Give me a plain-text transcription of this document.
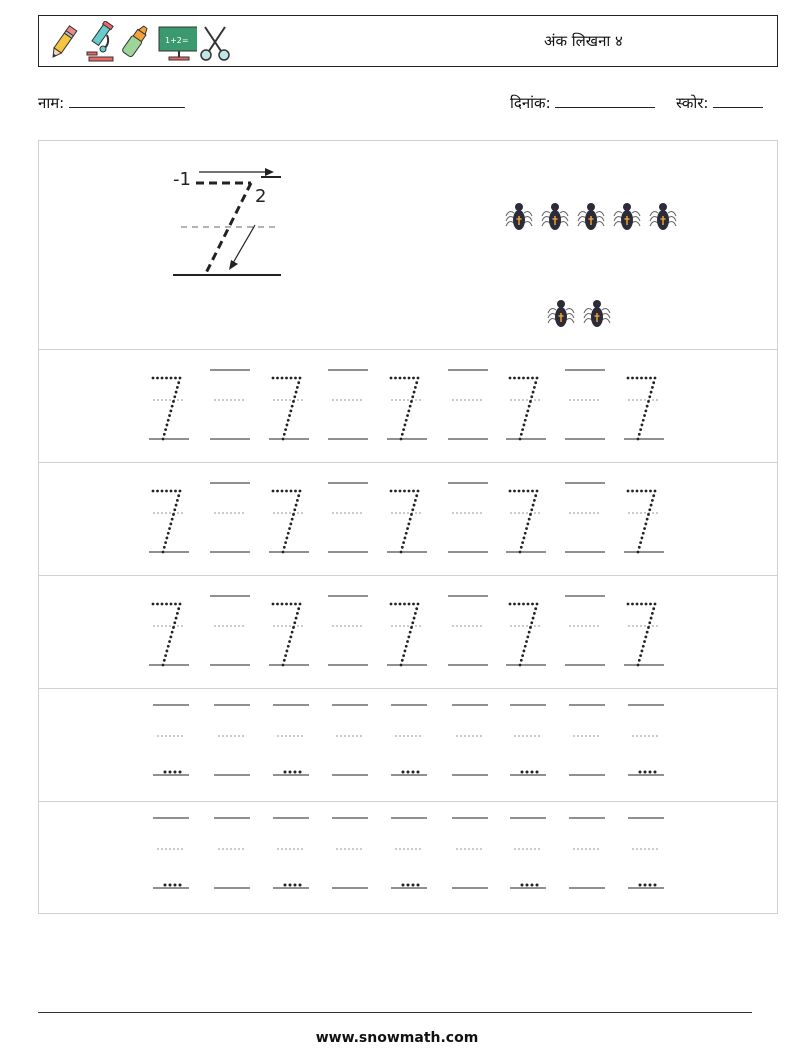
1+2=	अंक लिखना ४
नाम:	दिनांक:	स्कोर:
-1
2
www.snowmath.com
